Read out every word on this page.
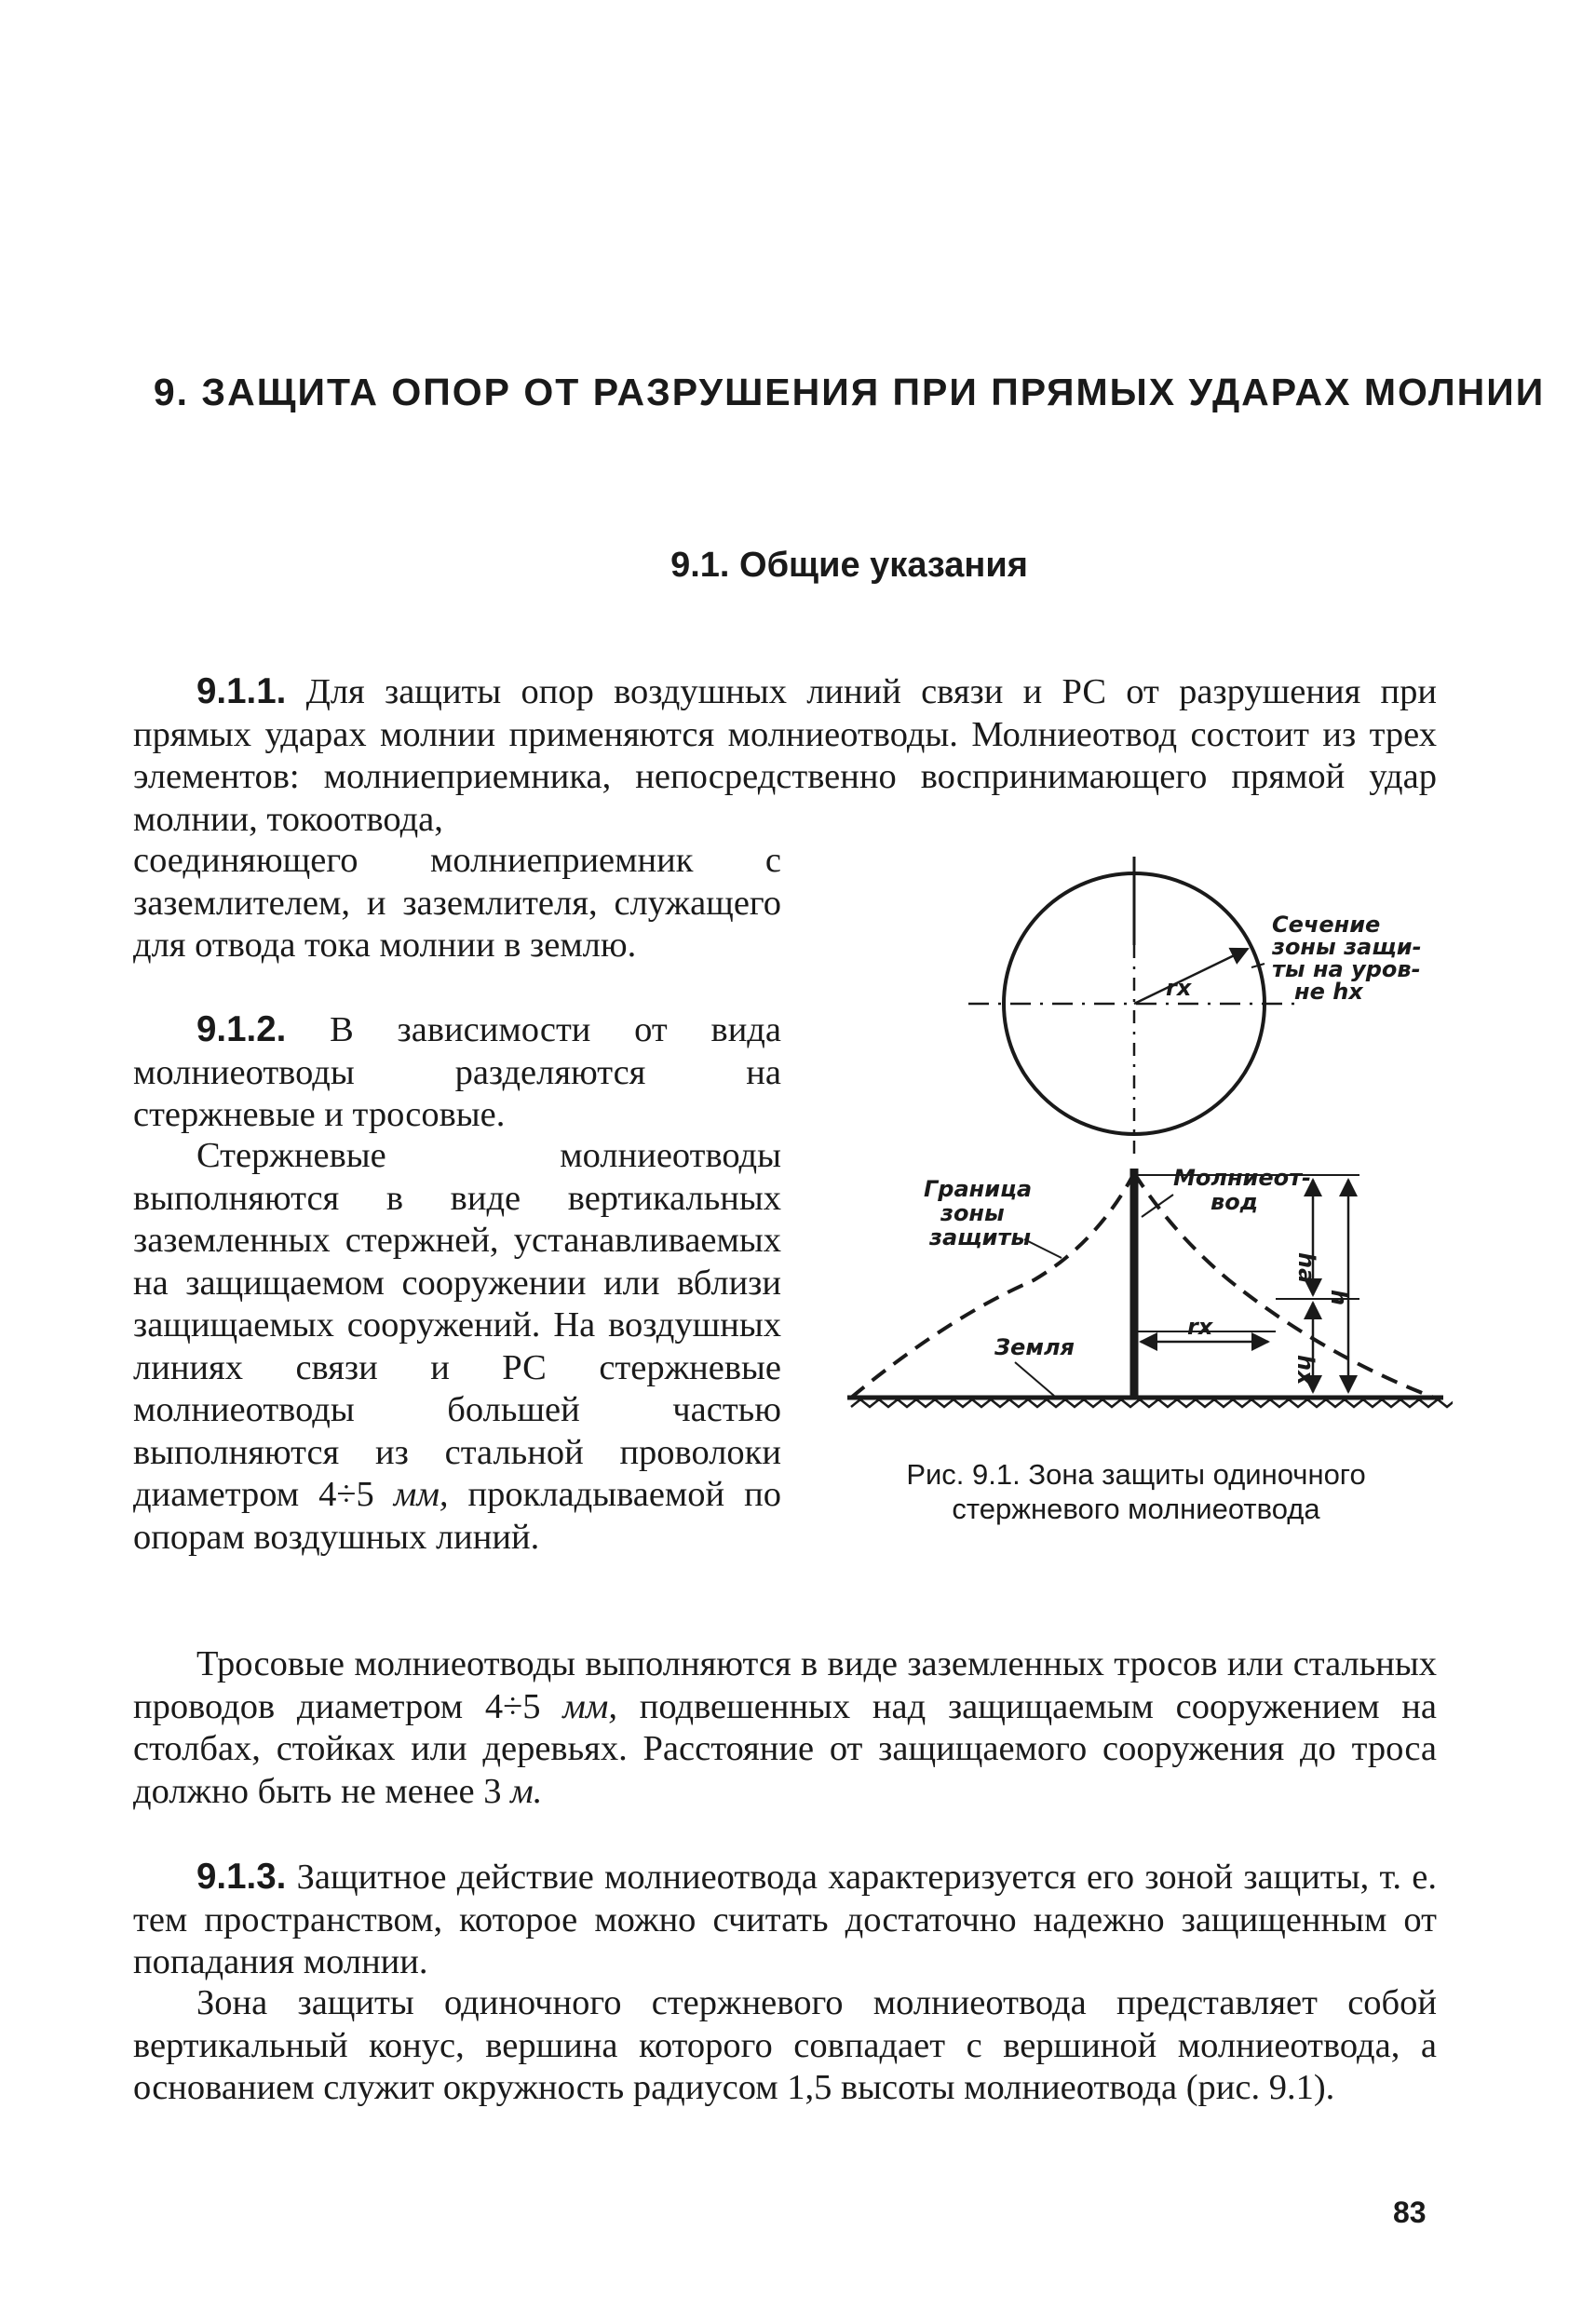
9. ЗАЩИТА ОПОР ОТ РАЗРУШЕНИЯ ПРИ ПРЯМЫХ УДАРАХ МОЛНИИ
9.1. Общие указания

9.1.1. Для защиты опор воздушных линий связи и РС от разрушения при прямых ударах молнии применяются молниеотводы. Молниеотвод состоит из трех элементов: молниеприемника, непосредственно воспринимающего прямой удар молнии, токоотвода,

соединяющего молниеприемник с заземлителем, и заземлителя, служащего для отвода тока молнии в землю.

9.1.2. В зависимости от вида молниеотводы разделяются на стержневые и тросовые.

Стержневые молниеотводы выполняются в виде вертикальных заземленных стержней, устанавливаемых на защищаемом сооружении или вблизи защищаемых сооружений. На воздушных линиях связи и РС стержневые молниеотводы большей частью выполняются из стальной проволоки диаметром 4÷5 мм, прокладываемой по опорам воздушных линий.

Тросовые молниеотводы выполняются в виде заземленных тросов или стальных проводов диаметром 4÷5 мм, подвешенных над защищаемым сооружением на столбах, стойках или деревьях. Расстояние от защищаемого сооружения до троса должно быть не менее 3 м.

9.1.3. Защитное действие молниеотвода характеризуется его зоной защиты, т. е. тем пространством, которое можно считать достаточно надежно защищенным от попадания молнии.

Зона защиты одиночного стержневого молниеотвода представляет собой вертикальный конус, вершина которого совпадает с вершиной молниеотвода, а основанием служит окружность радиусом 1,5 высоты молниеотвода (рис. 9.1).

rx
Сечение
зоны защи-
ты на уров-
не hx
rx
ha
h
hx
Граница
зоны
защиты
Молниеот-
вод
Земля
Рис. 9.1. Зона защиты одиночного стержневого молниеотвода
83
